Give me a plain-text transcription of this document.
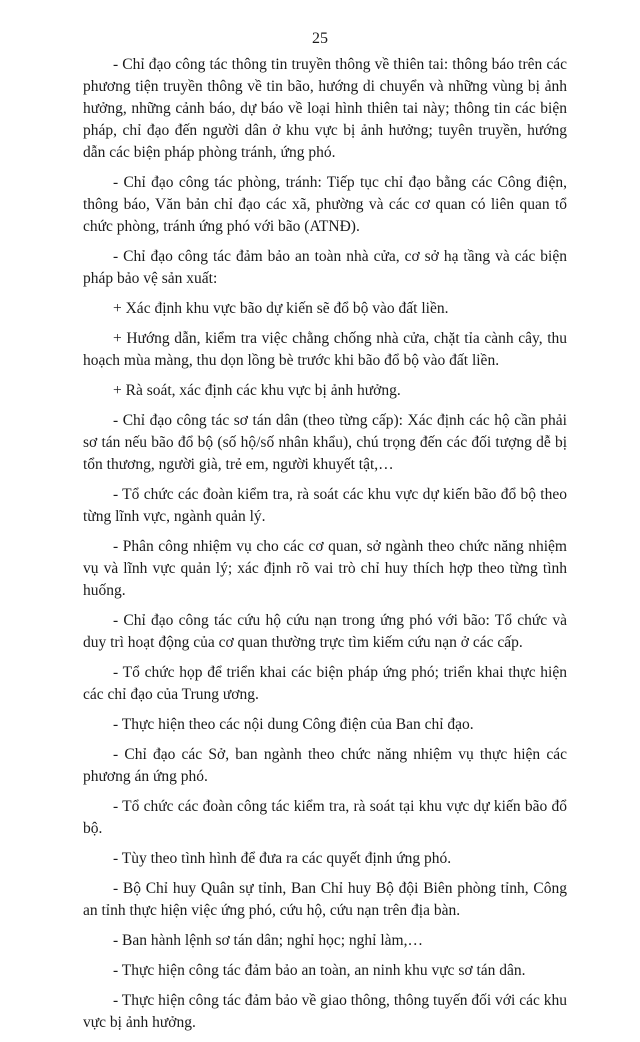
25

- Chỉ đạo công tác thông tin truyền thông về thiên tai: thông báo trên các phương tiện truyền thông về tin bão, hướng di chuyển và những vùng bị ảnh hưởng, những cảnh báo, dự báo về loại hình thiên tai này; thông tin các biện pháp, chỉ đạo đến người dân ở khu vực bị ảnh hưởng; tuyên truyền, hướng dẫn các biện pháp phòng tránh, ứng phó.

- Chỉ đạo công tác phòng, tránh: Tiếp tục chỉ đạo bằng các Công điện, thông báo, Văn bản chỉ đạo các xã, phường và các cơ quan có liên quan tổ chức phòng, tránh ứng phó với bão (ATNĐ).

- Chỉ đạo công tác đảm bảo an toàn nhà cửa, cơ sở hạ tầng và các biện pháp bảo vệ sản xuất:

+ Xác định khu vực bão dự kiến sẽ đổ bộ vào đất liền.

+ Hướng dẫn, kiểm tra việc chằng chống nhà cửa, chặt tỉa cành cây, thu hoạch mùa màng, thu dọn lồng bè trước khi bão đổ bộ vào đất liền.

+ Rà soát, xác định các khu vực bị ảnh hưởng.

- Chỉ đạo công tác sơ tán dân (theo từng cấp): Xác định các hộ cần phải sơ tán nếu bão đổ bộ (số hộ/số nhân khẩu), chú trọng đến các đối tượng dễ bị tổn thương, người già, trẻ em, người khuyết tật,…

- Tổ chức các đoàn kiểm tra, rà soát các khu vực dự kiến bão đổ bộ theo từng lĩnh vực, ngành quản lý.

- Phân công nhiệm vụ cho các cơ quan, sở ngành theo chức năng nhiệm vụ và lĩnh vực quản lý; xác định rõ vai trò chỉ huy thích hợp theo từng tình huống.

- Chỉ đạo công tác cứu hộ cứu nạn trong ứng phó với bão: Tổ chức và duy trì hoạt động của cơ quan thường trực tìm kiếm cứu nạn ở các cấp.

- Tổ chức họp để triển khai các biện pháp ứng phó; triển khai thực hiện các chỉ đạo của Trung ương.

- Thực hiện theo các nội dung Công điện của Ban chỉ đạo.

- Chỉ đạo các Sở, ban ngành theo chức năng nhiệm vụ thực hiện các phương án ứng phó.

- Tổ chức các đoàn công tác kiểm tra, rà soát tại khu vực dự kiến bão đổ bộ.

- Tùy theo tình hình để đưa ra các quyết định ứng phó.

- Bộ Chỉ huy Quân sự tỉnh, Ban Chỉ huy Bộ đội Biên phòng tỉnh, Công an tỉnh thực hiện việc ứng phó, cứu hộ, cứu nạn trên địa bàn.

- Ban hành lệnh sơ tán dân; nghỉ học; nghỉ làm,…

- Thực hiện công tác đảm bảo an toàn, an ninh khu vực sơ tán dân.

- Thực hiện công tác đảm bảo về giao thông, thông tuyến đối với các khu vực bị ảnh hưởng.
